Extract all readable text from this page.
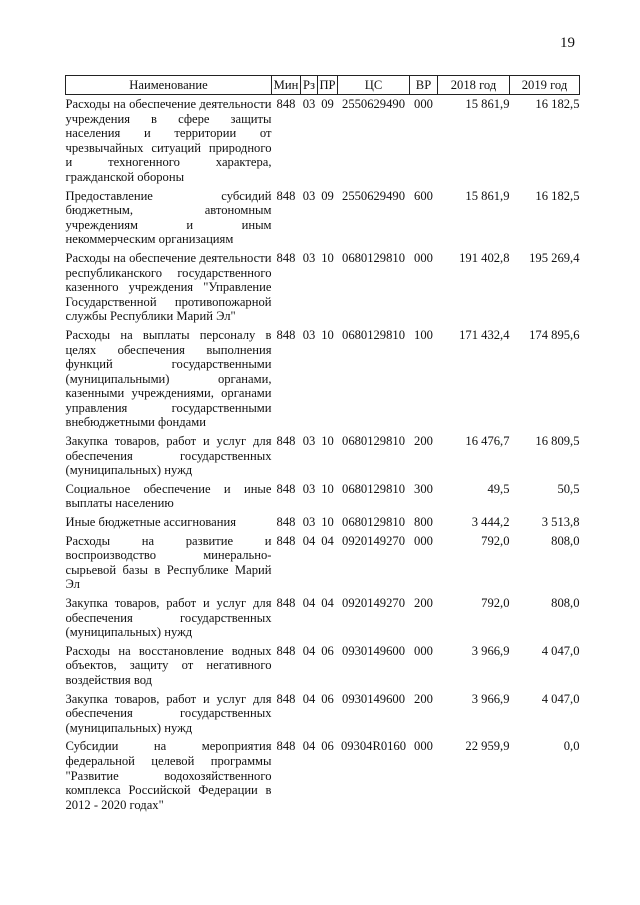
19
Наименование	Мин	Рз	ПР	ЦС	ВР	2018 год	2019 год
Расходы на обеспечение деятельности учреждения в сфере защиты населения и территории от чрезвычайных ситуаций природного и техногенного характера, гражданской обороны	848	03	09	2550629490	000	15 861,9	16 182,5
Предоставление субсидий бюджетным, автономным учреждениям и иным некоммерческим организациям	848	03	09	2550629490	600	15 861,9	16 182,5
Расходы на обеспечение деятельности республиканского государственного казенного учреждения "Управление Государственной противопожарной службы Республики Марий Эл"	848	03	10	0680129810	000	191 402,8	195 269,4
Расходы на выплаты персоналу в целях обеспечения выполнения функций государственными (муниципальными) органами, казенными учреждениями, органами управления государственными внебюджетными фондами	848	03	10	0680129810	100	171 432,4	174 895,6
Закупка товаров, работ и услуг для обеспечения государственных (муниципальных) нужд	848	03	10	0680129810	200	16 476,7	16 809,5
Социальное обеспечение и иные выплаты населению	848	03	10	0680129810	300	49,5	50,5
Иные бюджетные ассигнования	848	03	10	0680129810	800	3 444,2	3 513,8
Расходы на развитие и воспроизводство минерально-сырьевой базы в Республике Марий Эл	848	04	04	0920149270	000	792,0	808,0
Закупка товаров, работ и услуг для обеспечения государственных (муниципальных) нужд	848	04	04	0920149270	200	792,0	808,0
Расходы на восстановление водных объектов, защиту от негативного воздействия вод	848	04	06	0930149600	000	3 966,9	4 047,0
Закупка товаров, работ и услуг для обеспечения государственных (муниципальных) нужд	848	04	06	0930149600	200	3 966,9	4 047,0
Субсидии на мероприятия федеральной целевой программы "Развитие водохозяйственного комплекса Российской Федерации в 2012 - 2020 годах"	848	04	06	09304R0160	000	22 959,9	0,0
